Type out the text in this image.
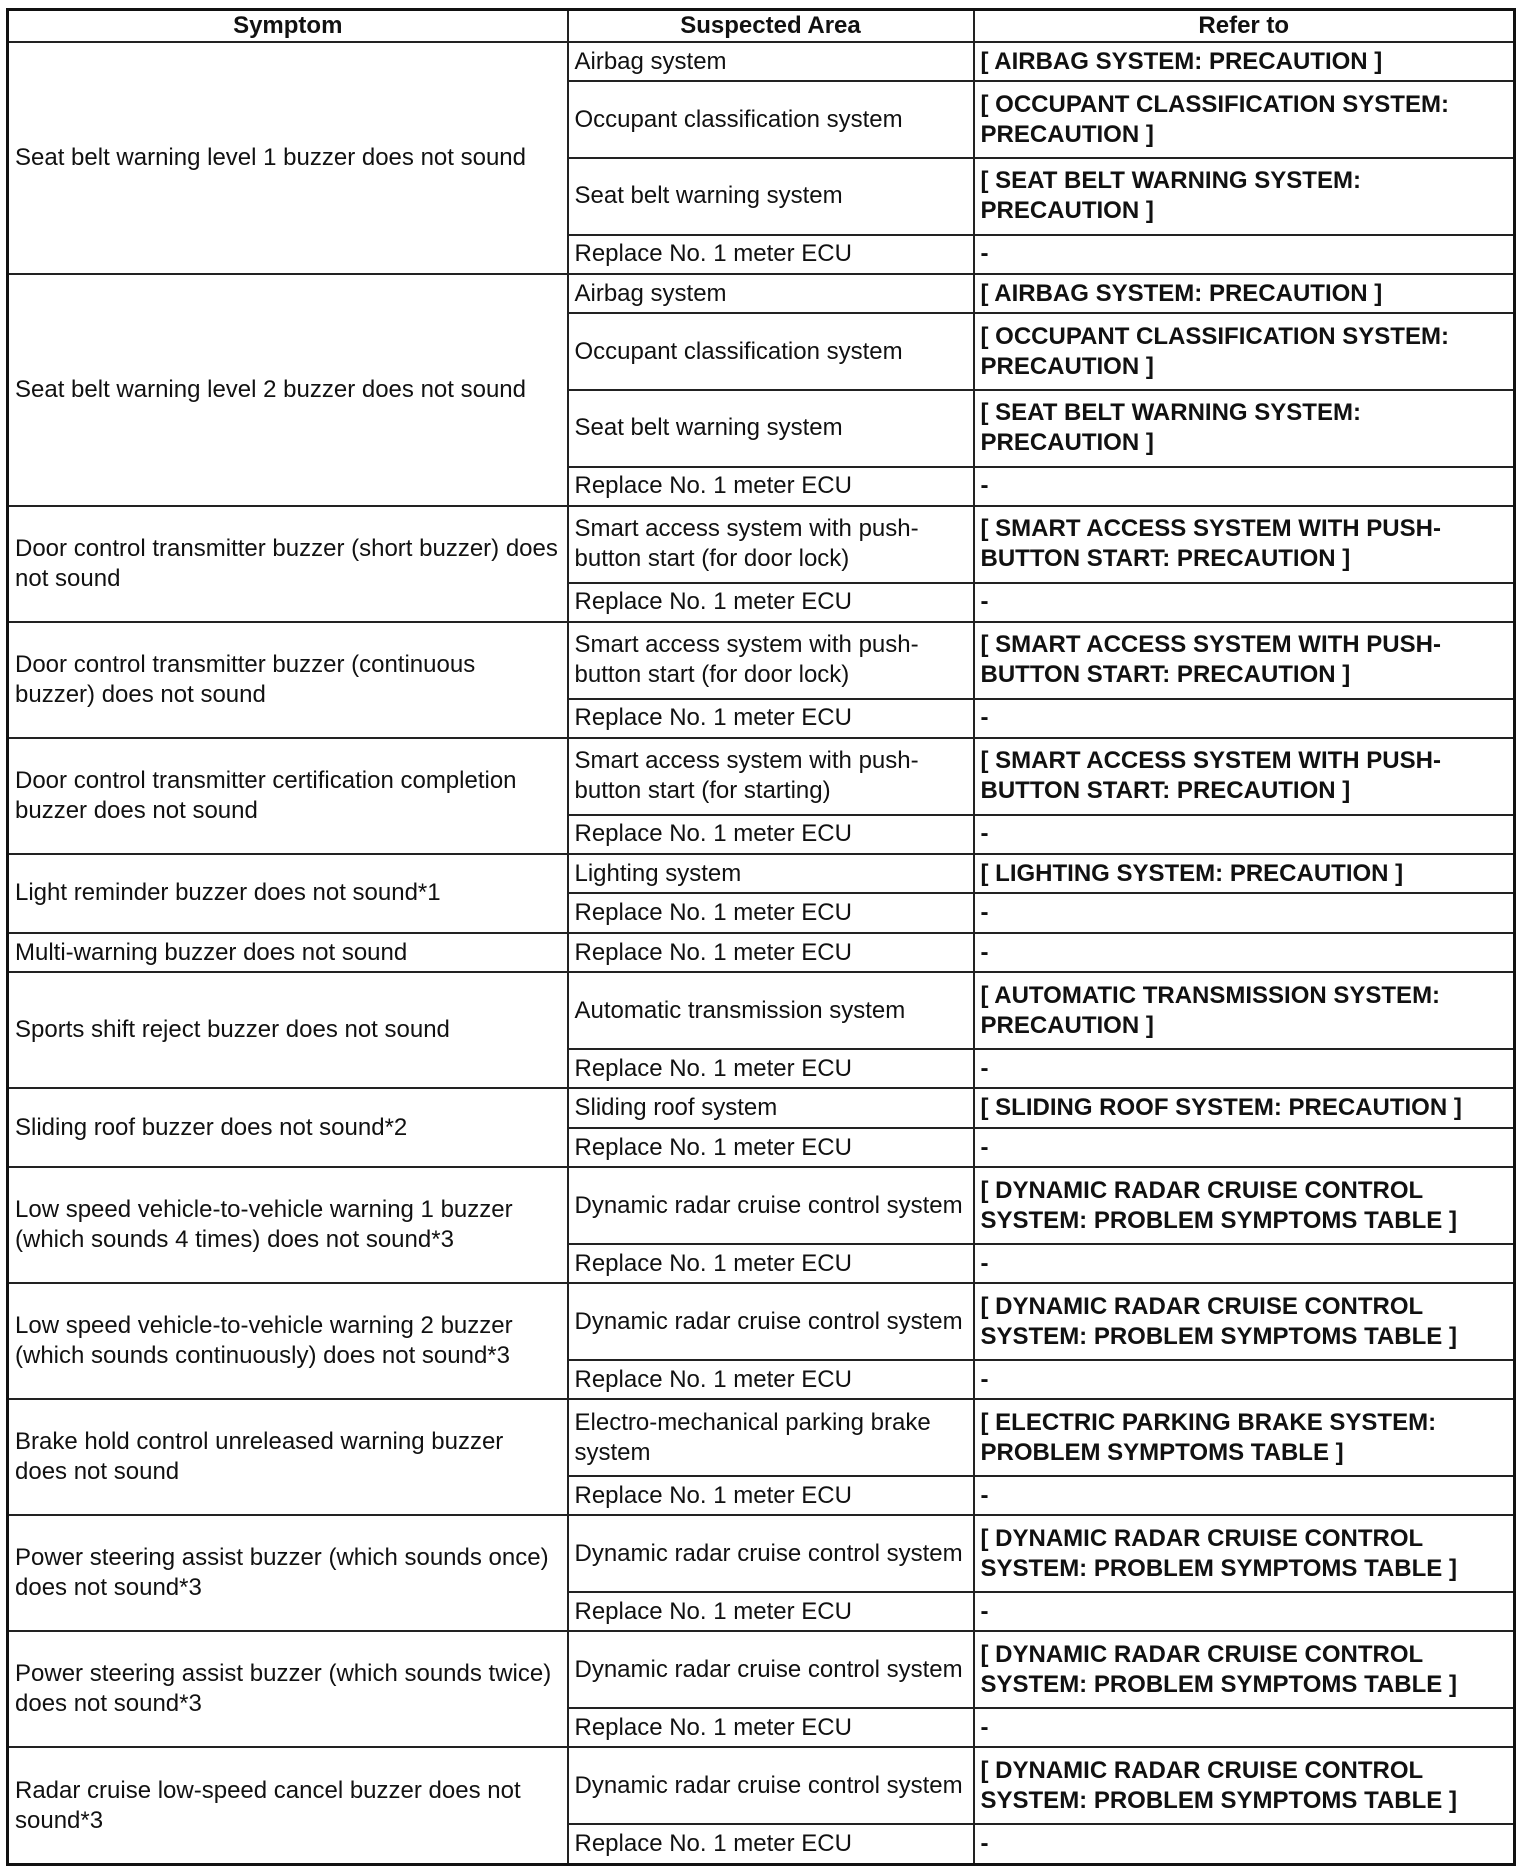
Symptom	Suspected Area	Refer to
Seat belt warning level 1 buzzer does not sound	Airbag system	[ AIRBAG SYSTEM: PRECAUTION ]
	Occupant classification system	[ OCCUPANT CLASSIFICATION SYSTEM: PRECAUTION ]
	Seat belt warning system	[ SEAT BELT WARNING SYSTEM: PRECAUTION ]
	Replace No. 1 meter ECU	-
Seat belt warning level 2 buzzer does not sound	Airbag system	[ AIRBAG SYSTEM: PRECAUTION ]
	Occupant classification system	[ OCCUPANT CLASSIFICATION SYSTEM: PRECAUTION ]
	Seat belt warning system	[ SEAT BELT WARNING SYSTEM: PRECAUTION ]
	Replace No. 1 meter ECU	-
Door control transmitter buzzer (short buzzer) does not sound	Smart access system with push-button start (for door lock)	[ SMART ACCESS SYSTEM WITH PUSH-BUTTON START: PRECAUTION ]
	Replace No. 1 meter ECU	-
Door control transmitter buzzer (continuous buzzer) does not sound	Smart access system with push-button start (for door lock)	[ SMART ACCESS SYSTEM WITH PUSH-BUTTON START: PRECAUTION ]
	Replace No. 1 meter ECU	-
Door control transmitter certification completion buzzer does not sound	Smart access system with push-button start (for starting)	[ SMART ACCESS SYSTEM WITH PUSH-BUTTON START: PRECAUTION ]
	Replace No. 1 meter ECU	-
Light reminder buzzer does not sound*1	Lighting system	[ LIGHTING SYSTEM: PRECAUTION ]
	Replace No. 1 meter ECU	-
Multi-warning buzzer does not sound	Replace No. 1 meter ECU	-
Sports shift reject buzzer does not sound	Automatic transmission system	[ AUTOMATIC TRANSMISSION SYSTEM: PRECAUTION ]
	Replace No. 1 meter ECU	-
Sliding roof buzzer does not sound*2	Sliding roof system	[ SLIDING ROOF SYSTEM: PRECAUTION ]
	Replace No. 1 meter ECU	-
Low speed vehicle-to-vehicle warning 1 buzzer (which sounds 4 times) does not sound*3	Dynamic radar cruise control system	[ DYNAMIC RADAR CRUISE CONTROL SYSTEM: PROBLEM SYMPTOMS TABLE ]
	Replace No. 1 meter ECU	-
Low speed vehicle-to-vehicle warning 2 buzzer (which sounds continuously) does not sound*3	Dynamic radar cruise control system	[ DYNAMIC RADAR CRUISE CONTROL SYSTEM: PROBLEM SYMPTOMS TABLE ]
	Replace No. 1 meter ECU	-
Brake hold control unreleased warning buzzer does not sound	Electro-mechanical parking brake system	[ ELECTRIC PARKING BRAKE SYSTEM: PROBLEM SYMPTOMS TABLE ]
	Replace No. 1 meter ECU	-
Power steering assist buzzer (which sounds once) does not sound*3	Dynamic radar cruise control system	[ DYNAMIC RADAR CRUISE CONTROL SYSTEM: PROBLEM SYMPTOMS TABLE ]
	Replace No. 1 meter ECU	-
Power steering assist buzzer (which sounds twice) does not sound*3	Dynamic radar cruise control system	[ DYNAMIC RADAR CRUISE CONTROL SYSTEM: PROBLEM SYMPTOMS TABLE ]
	Replace No. 1 meter ECU	-
Radar cruise low-speed cancel buzzer does not sound*3	Dynamic radar cruise control system	[ DYNAMIC RADAR CRUISE CONTROL SYSTEM: PROBLEM SYMPTOMS TABLE ]
	Replace No. 1 meter ECU	-
